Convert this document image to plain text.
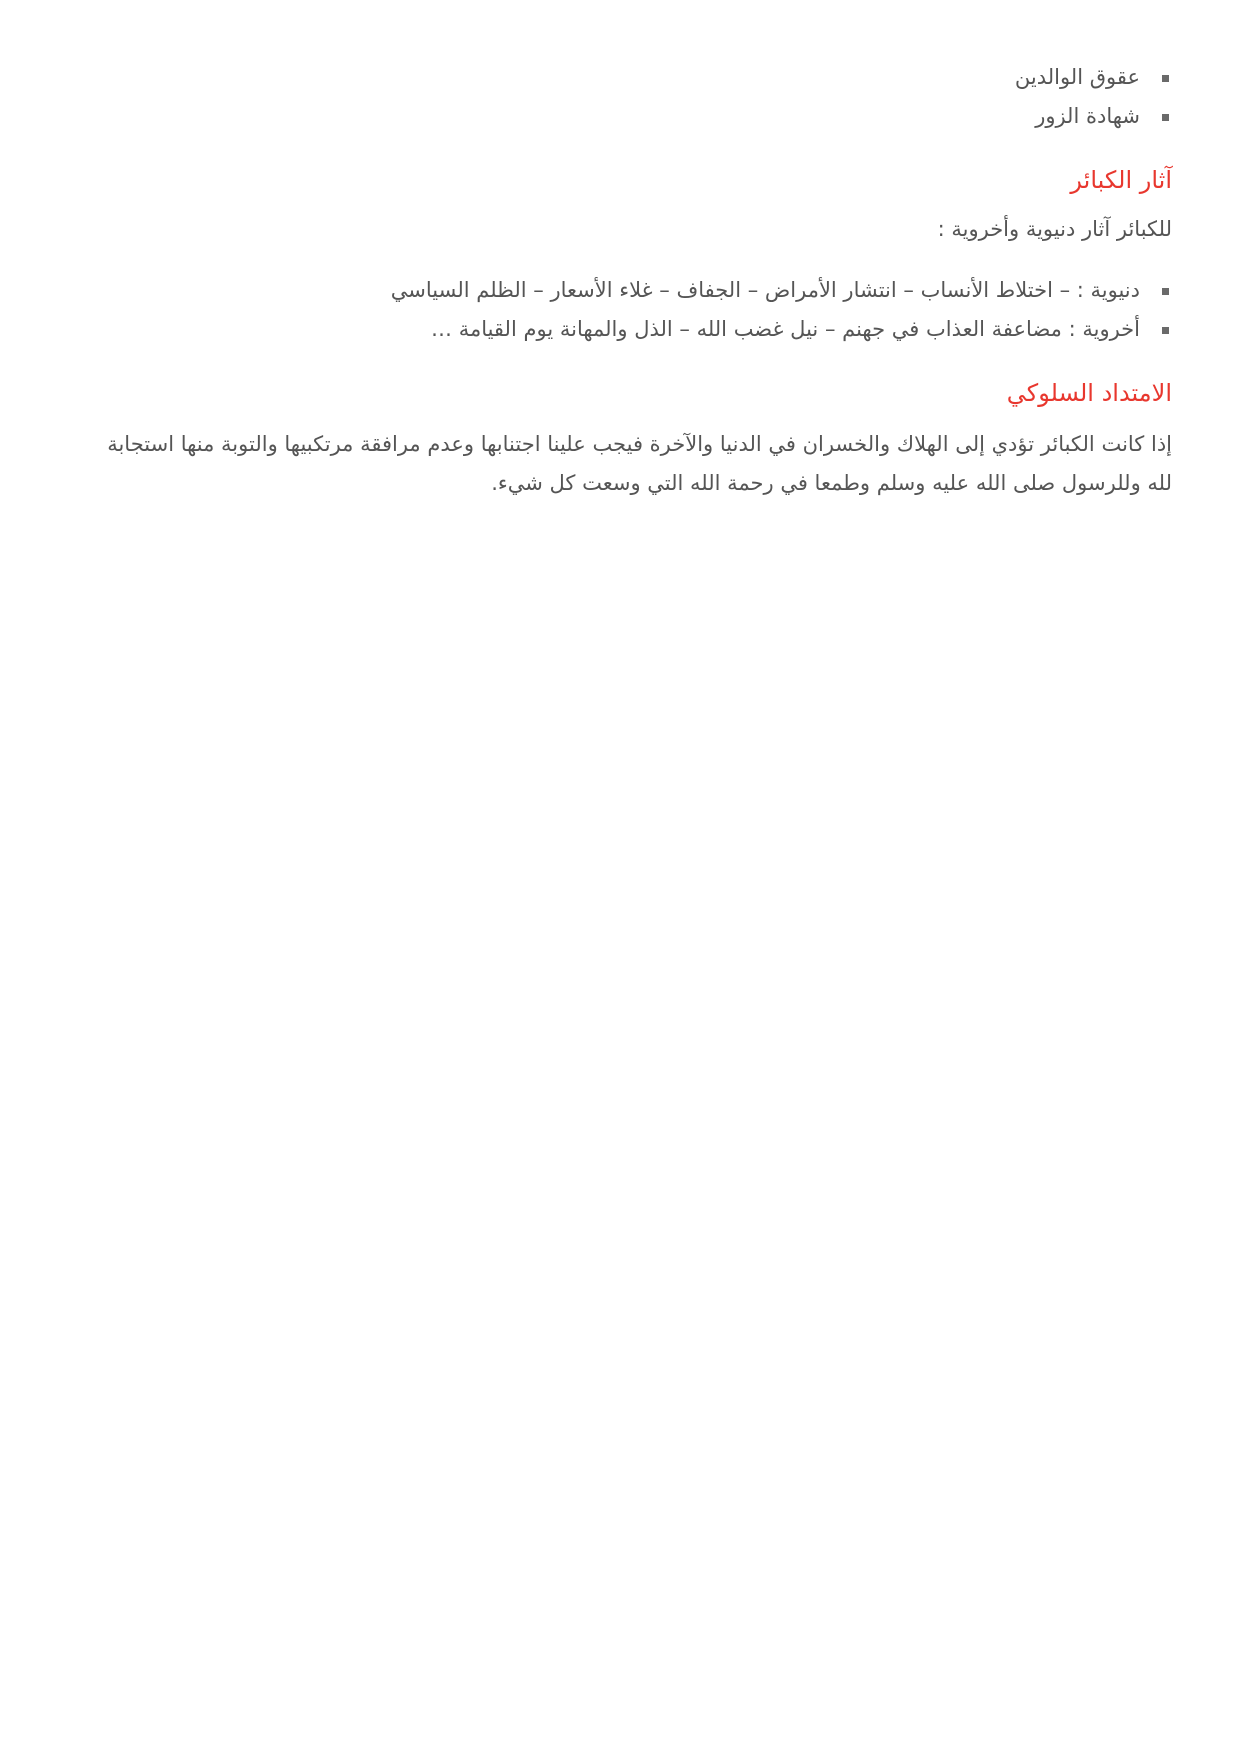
عقوق الوالدين
شهادة الزور
آثار الكبائر

للكبائر آثار دنيوية وأخروية :

دنيوية : – اختلاط الأنساب – انتشار الأمراض – الجفاف – غلاء الأسعار – الظلم السياسي
أخروية : مضاعفة العذاب في جهنم – نيل غضب الله – الذل والمهانة يوم القيامة …
الامتداد السلوكي

إذا كانت الكبائر تؤدي إلى الهلاك والخسران في الدنيا والآخرة فيجب علينا اجتنابها وعدم مرافقة مرتكبيها والتوبة منها استجابة لله وللرسول صلى الله عليه وسلم وطمعا في رحمة الله التي وسعت كل شيء.
